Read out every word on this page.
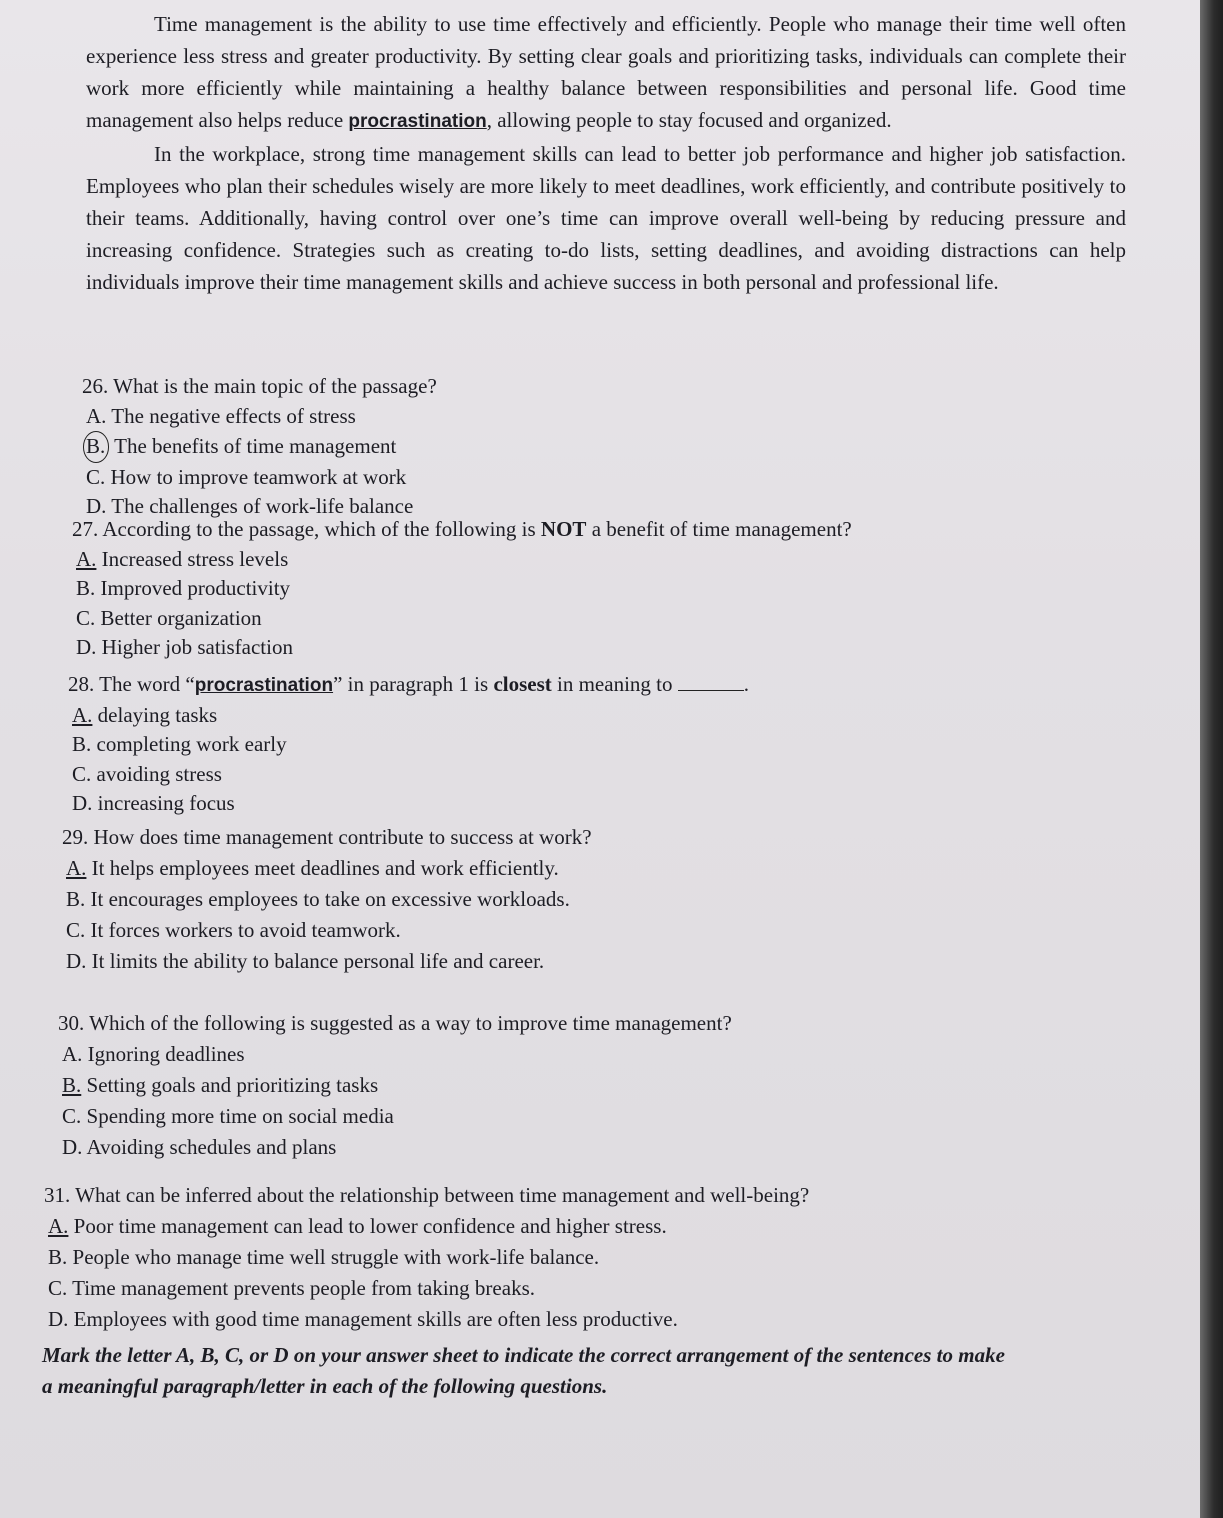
Time management is the ability to use time effectively and efficiently. People who manage their time well often experience less stress and greater productivity. By setting clear goals and prioritizing tasks, individuals can complete their work more efficiently while maintaining a healthy balance between responsibilities and personal life. Good time management also helps reduce procrastination, allowing people to stay focused and organized.

In the workplace, strong time management skills can lead to better job performance and higher job satisfaction. Employees who plan their schedules wisely are more likely to meet deadlines, work efficiently, and contribute positively to their teams. Additionally, having control over one’s time can improve overall well-being by reducing pressure and increasing confidence. Strategies such as creating to-do lists, setting deadlines, and avoiding distractions can help individuals improve their time management skills and achieve success in both personal and professional life.

26. What is the main topic of the passage?
A. The negative effects of stress
B. The benefits of time management
C. How to improve teamwork at work
D. The challenges of work-life balance
27. According to the passage, which of the following is NOT a benefit of time management?
A. Increased stress levels
B. Improved productivity
C. Better organization
D. Higher job satisfaction
28. The word “procrastination” in paragraph 1 is closest in meaning to	.
A. delaying tasks
B. completing work early
C. avoiding stress
D. increasing focus
29. How does time management contribute to success at work?
A. It helps employees meet deadlines and work efficiently.
B. It encourages employees to take on excessive workloads.
C. It forces workers to avoid teamwork.
D. It limits the ability to balance personal life and career.
30. Which of the following is suggested as a way to improve time management?
A. Ignoring deadlines
B. Setting goals and prioritizing tasks
C. Spending more time on social media
D. Avoiding schedules and plans
31. What can be inferred about the relationship between time management and well-being?
A. Poor time management can lead to lower confidence and higher stress.
B. People who manage time well struggle with work-life balance.
C. Time management prevents people from taking breaks.
D. Employees with good time management skills are often less productive.
Mark the letter A, B, C, or D on your answer sheet to indicate the correct arrangement of the sentences to make
a meaningful paragraph/letter in each of the following questions.
